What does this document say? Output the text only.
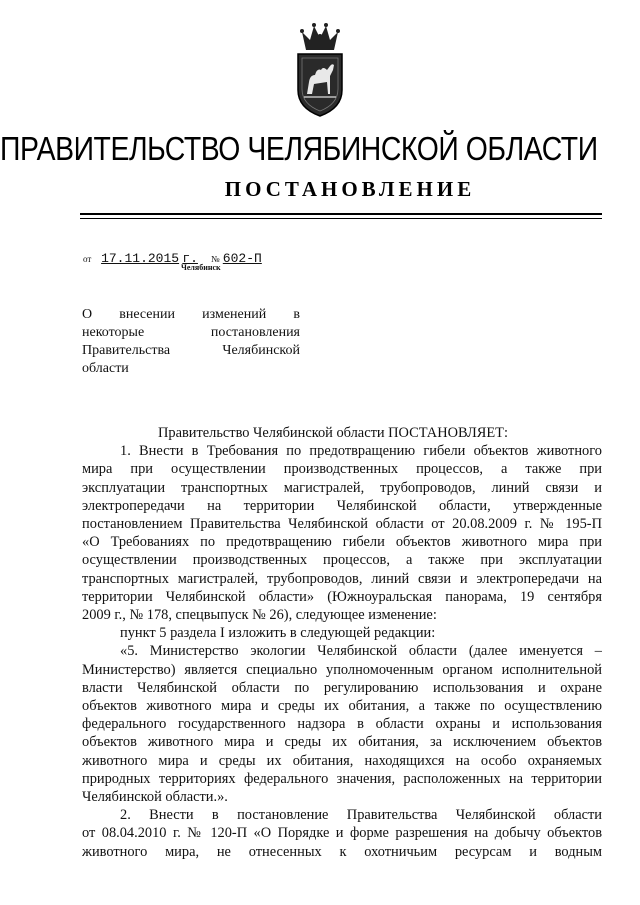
ПРАВИТЕЛЬСТВО ЧЕЛЯБИНСКОЙ ОБЛАСТИ
ПОСТАНОВЛЕНИЕ
от 17.11.2015 г. № 602-П
Челябинск
О внесении изменений в
некоторые постановления
Правительства Челябинской
области
Правительство Челябинской области ПОСТАНОВЛЯЕТ:
1. Внести в Требования по предотвращению гибели объектов животного
мира при осуществлении производственных процессов, а также при
эксплуатации транспортных магистралей, трубопроводов, линий связи и
электропередачи на территории Челябинской области, утвержденные
постановлением Правительства Челябинской области от 20.08.2009 г. № 195-П
«О Требованиях по предотвращению гибели объектов животного мира при
осуществлении производственных процессов, а также при эксплуатации
транспортных магистралей, трубопроводов, линий связи и электропередачи на
территории Челябинской области» (Южноуральская панорама, 19 сентября
2009 г., № 178, спецвыпуск № 26), следующее изменение:
пункт 5 раздела I изложить в следующей редакции:
«5. Министерство экологии Челябинской области (далее именуется –
Министерство) является специально уполномоченным органом исполнительной
власти Челябинской области по регулированию использования и охране
объектов животного мира и среды их обитания, а также по осуществлению
федерального государственного надзора в области охраны и использования
объектов животного мира и среды их обитания, за исключением объектов
животного мира и среды их обитания, находящихся на особо охраняемых
природных территориях федерального значения, расположенных на территории
Челябинской области.».
2. Внести в постановление Правительства Челябинской области
от 08.04.2010 г. № 120-П «О Порядке и форме разрешения на добычу объектов
животного мира, не отнесенных к охотничьим ресурсам и водным
